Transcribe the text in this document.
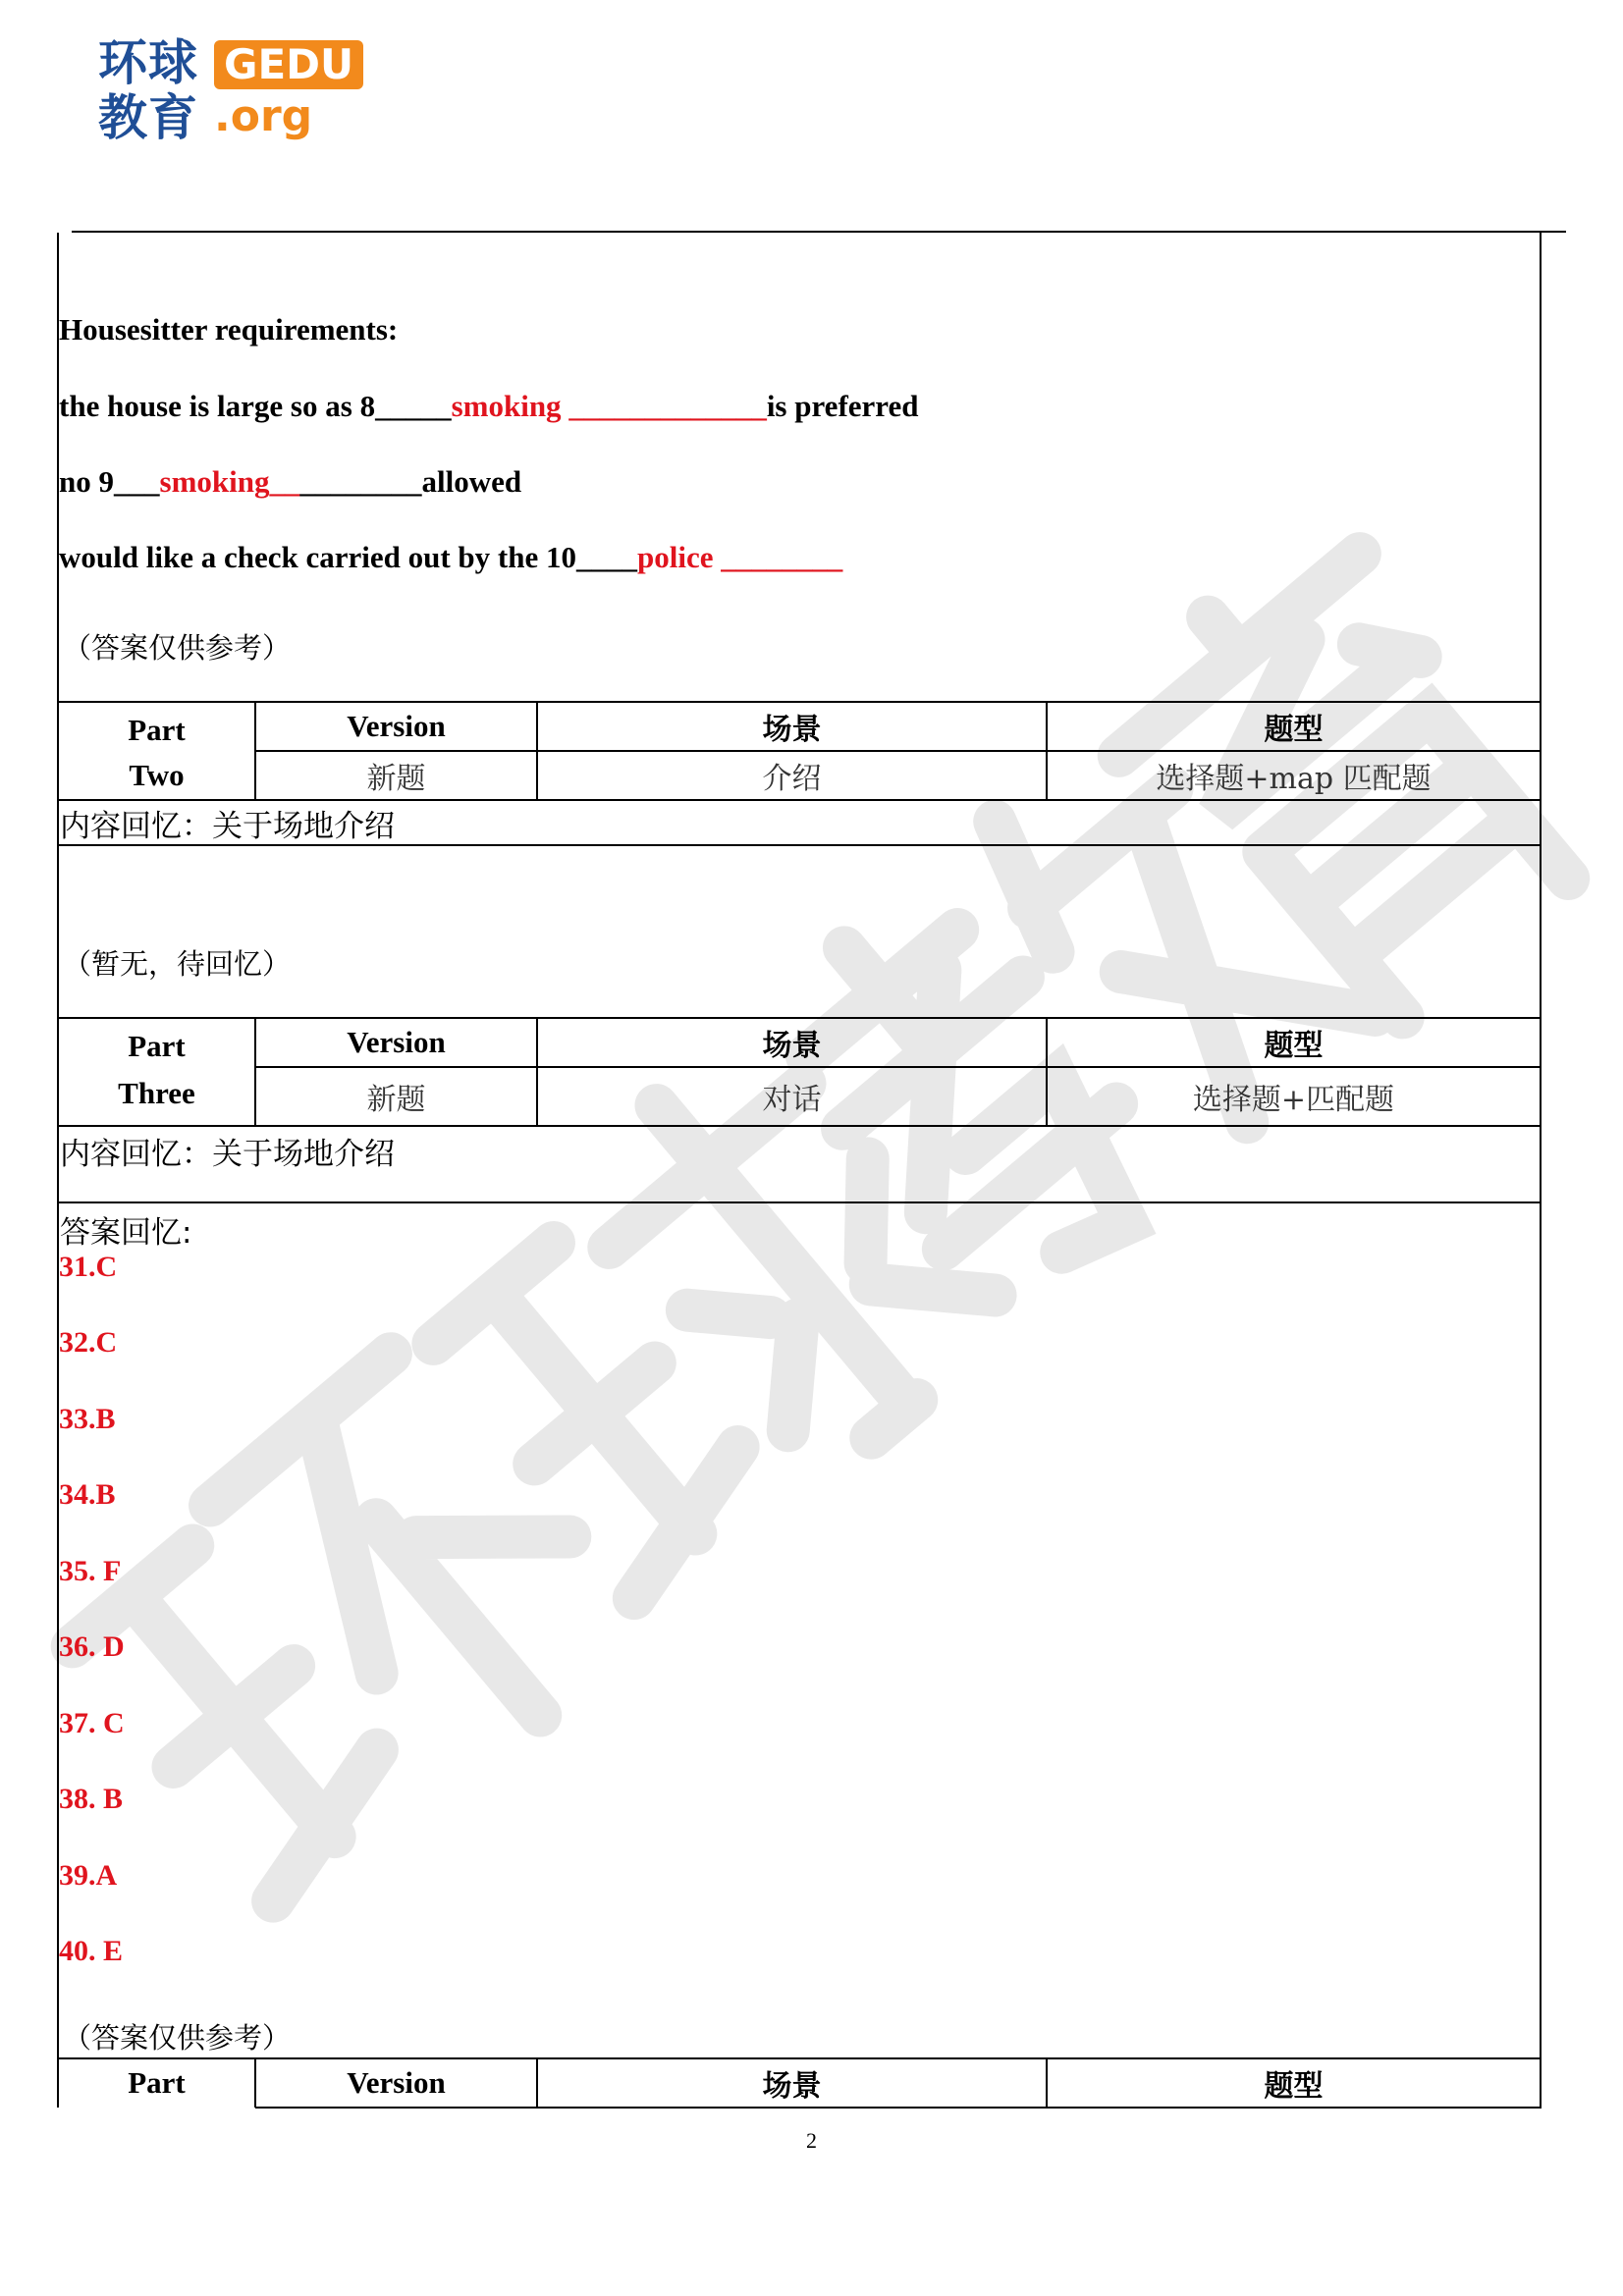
环球
教育
GEDU
.org
Housesitter requirements:
the house is large so as 8_____smoking _____________is preferred
no 9___smoking__________allowed
would like a check carried out by the 10____police ________
（答案仅供参考）
Part
Two
Version	场景	题型
新题	介绍	选择题+map 匹配题
内容回忆：关于场地介绍
（暂无，待回忆）
Part
Three
Version	场景	题型
新题	对话	选择题+匹配题
内容回忆：关于场地介绍
答案回忆:
31.C
32.C
33.B
34.B
35. F
36. D
37. C
38. B
39.A
40. E
（答案仅供参考）
Part	Version	场景	题型
2
